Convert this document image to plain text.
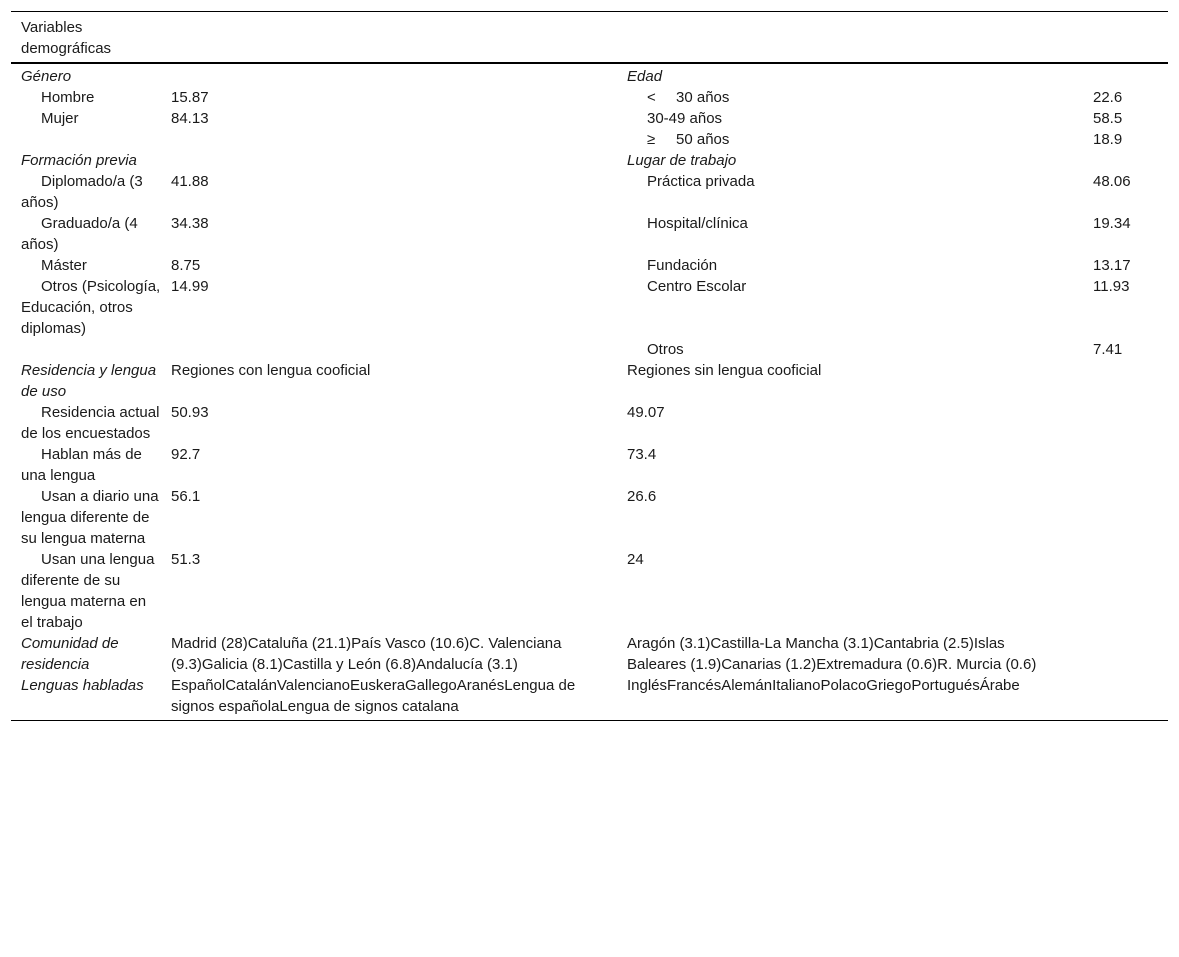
Variables demográficas			
Género		Edad	
Hombre	15.87	< 30 años	22.6
Mujer	84.13	30-49 años	58.5
		≥ 50 años	18.9
Formación previa		Lugar de trabajo	
Diplomado/a (3 años)	41.88	Práctica privada	48.06
Graduado/a (4 años)	34.38	Hospital/clínica	19.34
Máster	8.75	Fundación	13.17
Otros (Psicología, Educación, otros diplomas)	14.99	Centro Escolar	11.93
		Otros	7.41
Residencia y lengua de uso	Regiones con lengua cooficial	Regiones sin lengua cooficial	
Residencia actual de los encuestados	50.93	49.07	
Hablan más de una lengua	92.7	73.4	
Usan a diario una lengua diferente de su lengua materna	56.1	26.6	
Usan una lengua diferente de su lengua materna en el trabajo	51.3	24	
Comunidad de residencia	Madrid (28)Cataluña (21.1)País Vasco (10.6)C. Valenciana (9.3)Galicia (8.1)Castilla y León (6.8)Andalucía (3.1)	Aragón (3.1)Castilla-La Mancha (3.1)Cantabria (2.5)Islas Baleares (1.9)Canarias (1.2)Extremadura (0.6)R. Murcia (0.6)	
Lenguas habladas	EspañolCatalánValencianoEuskeraGallegoAranésLengua de signos españolaLengua de signos catalana	InglésFrancésAlemánItalianoPolacoGriegoPortuguésÁrabe	
